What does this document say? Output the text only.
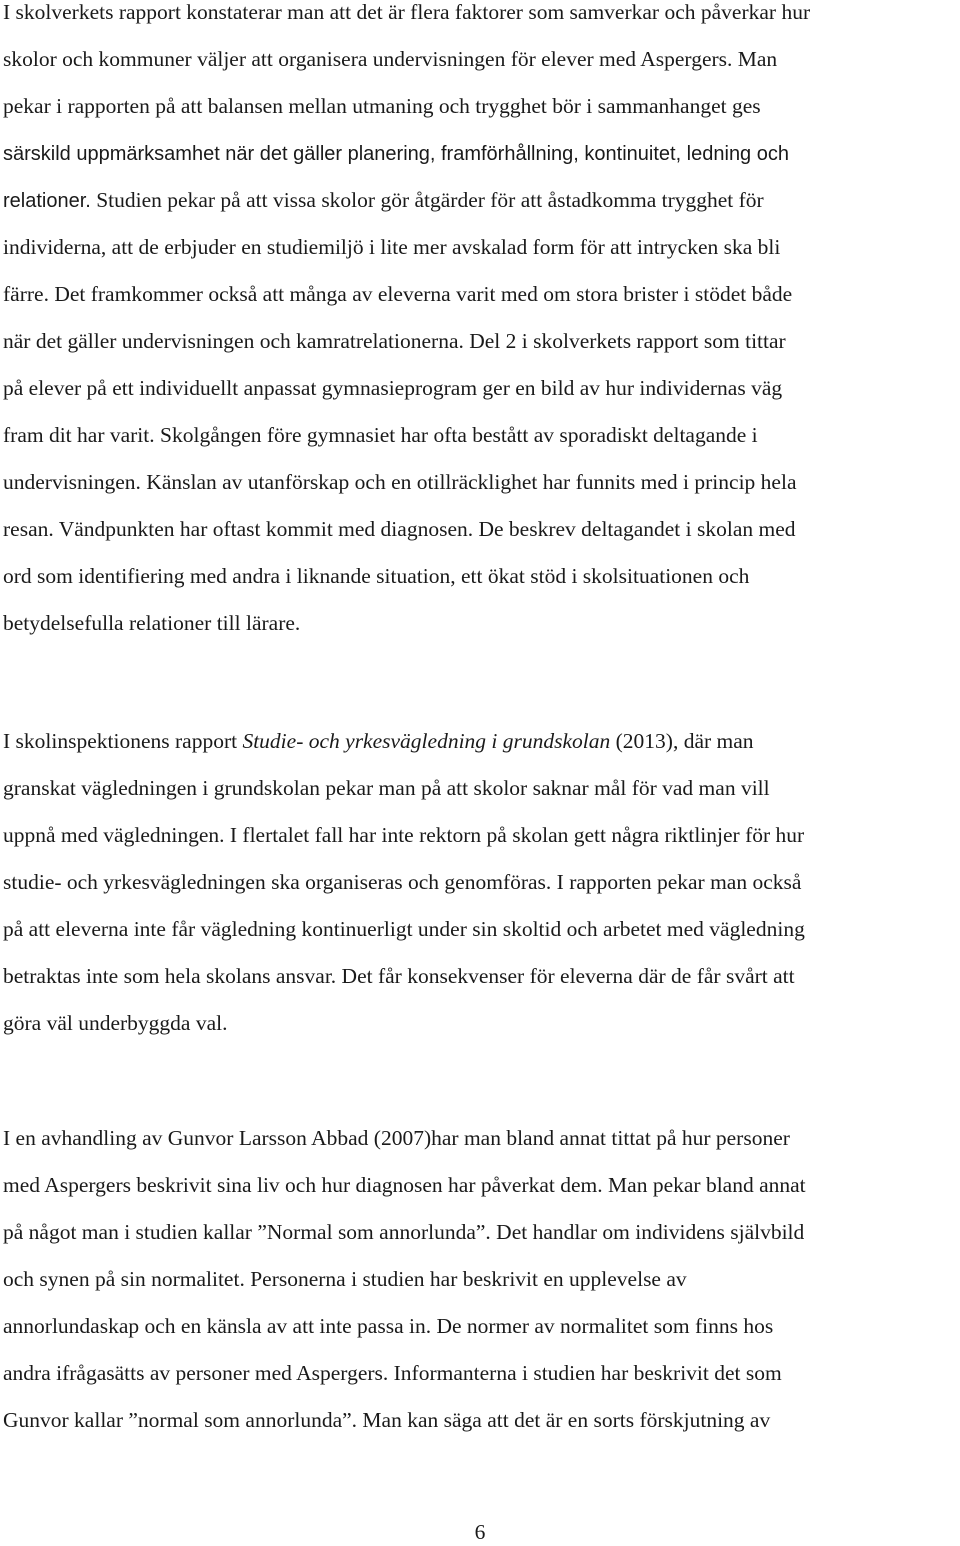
I skolverkets rapport konstaterar man att det är flera faktorer som samverkar och påverkar hur
skolor och kommuner väljer att organisera undervisningen för elever med Aspergers. Man
pekar i rapporten på att balansen mellan utmaning och trygghet bör i sammanhanget ges
särskild uppmärksamhet när det gäller planering, framförhållning, kontinuitet, ledning och
relationer. Studien pekar på att vissa skolor gör åtgärder för att åstadkomma trygghet för
individerna, att de erbjuder en studiemiljö i lite mer avskalad form för att intrycken ska bli
färre. Det framkommer också att många av eleverna varit med om stora brister i stödet både
när det gäller undervisningen och kamratrelationerna. Del 2 i skolverkets rapport som tittar
på elever på ett individuellt anpassat gymnasieprogram ger en bild av hur individernas väg
fram dit har varit. Skolgången före gymnasiet har ofta bestått av sporadiskt deltagande i
undervisningen. Känslan av utanförskap och en otillräcklighet har funnits med i princip hela
resan. Vändpunkten har oftast kommit med diagnosen. De beskrev deltagandet i skolan med
ord som identifiering med andra i liknande situation, ett ökat stöd i skolsituationen och
betydelsefulla relationer till lärare.

I skolinspektionens rapport Studie- och yrkesvägledning i grundskolan (2013), där man
granskat vägledningen i grundskolan pekar man på att skolor saknar mål för vad man vill
uppnå med vägledningen. I flertalet fall har inte rektorn på skolan gett några riktlinjer för hur
studie- och yrkesvägledningen ska organiseras och genomföras. I rapporten pekar man också
på att eleverna inte får vägledning kontinuerligt under sin skoltid och arbetet med vägledning
betraktas inte som hela skolans ansvar. Det får konsekvenser för eleverna där de får svårt att
göra väl underbyggda val.

I en avhandling av Gunvor Larsson Abbad (2007)har man bland annat tittat på hur personer
med Aspergers beskrivit sina liv och hur diagnosen har påverkat dem. Man pekar bland annat
på något man i studien kallar ”Normal som annorlunda”. Det handlar om individens självbild
och synen på sin normalitet. Personerna i studien har beskrivit en upplevelse av
annorlundaskap och en känsla av att inte passa in. De normer av normalitet som finns hos
andra ifrågasätts av personer med Aspergers. Informanterna i studien har beskrivit det som
Gunvor kallar ”normal som annorlunda”. Man kan säga att det är en sorts förskjutning av

6
